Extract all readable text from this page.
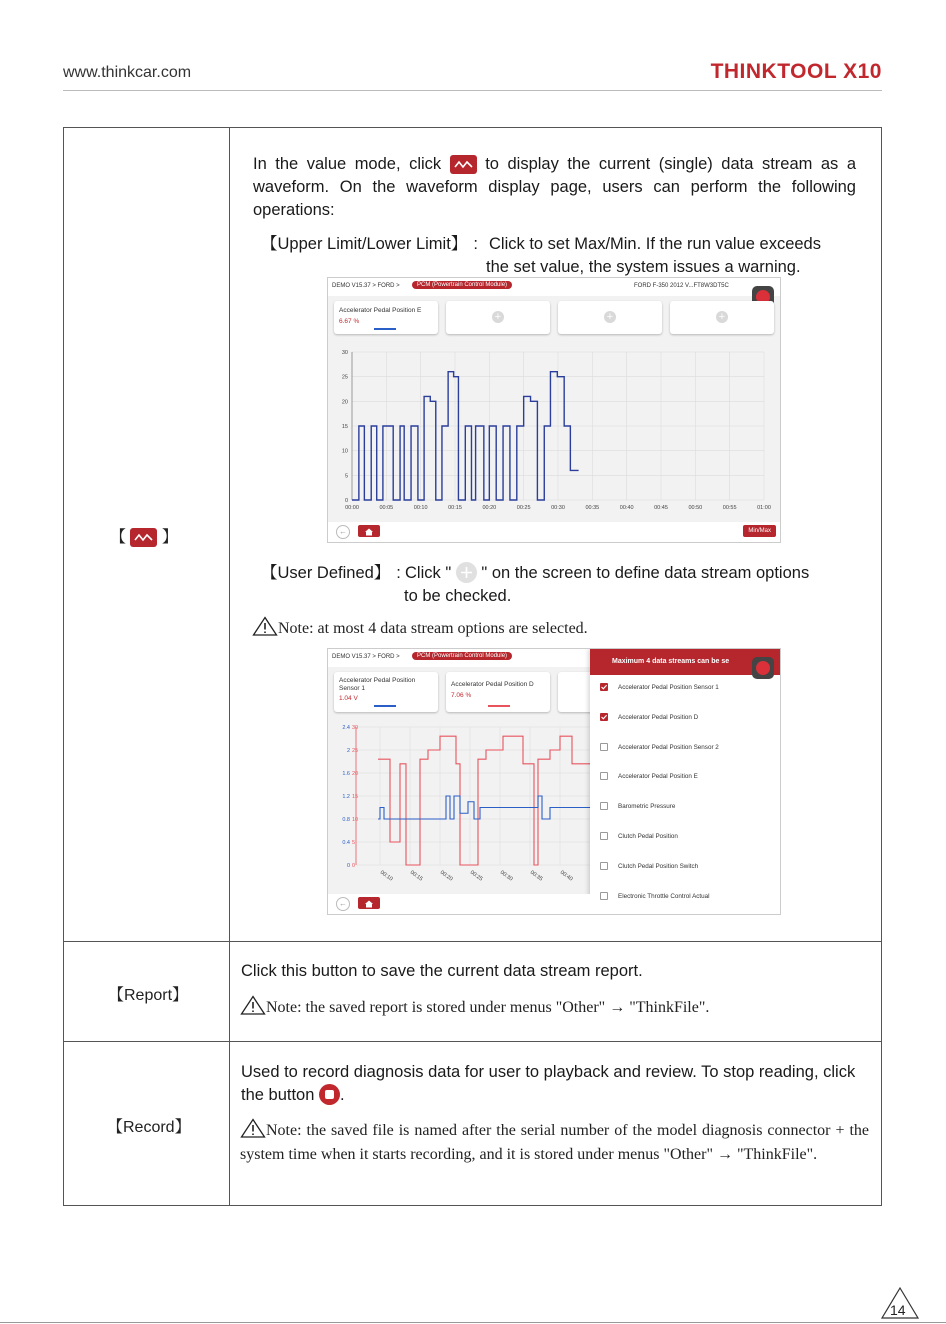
www.thinkcar.com	THINKTOOL X10
【 】
In the value mode, click	to display the current (single) data stream as a waveform. On the waveform display page, users can perform the following operations:
【Upper Limit/Lower Limit】 : Click to set Max/Min. If the run value exceeds
the set value, the system issues a warning.
DEMO V15.37 > FORD >	PCM (Powertrain Control Module)	FORD F-350 2012 V...FT8W3DT5C
Accelerator Pedal Position E
6.67 %	+	+	+
0
5
10
15
20
25
30
00:00	00:05	00:10	00:15	00:20	00:25	00:30	00:35	00:40	00:45	00:50	00:55	01:00
←	Min/Max
【User Defined】 : Click " " on the screen to define data stream options
to be checked.
Note: at most 4 data stream options are selected.
DEMO V15.37 > FORD >	PCM (Powertrain Control Module)
Accelerator Pedal Position Sensor 1
1.04 V
Accelerator Pedal Position D
7.06 %
0 0
0.4 5
0.8 10
1.2 15
1.6 20
2 25
2.4 30
00:10	00:15	00:20	00:25	00:30	00:35	00:40
Maximum 4 data streams can be se
Accelerator Pedal Position Sensor 1
Accelerator Pedal Position D
Accelerator Pedal Position Sensor 2
Accelerator Pedal Position E
Barometric Pressure
Clutch Pedal Position
Clutch Pedal Position Switch
Electronic Throttle Control Actual
←
【Report】
Click this button to save the current data stream report.
Note: the saved report is stored under menus "Other" → "ThinkFile".
【Record】
Used to record diagnosis data for user to playback and review. To stop reading, click the button .
Note: the saved file is named after the serial number of the model diagnosis connector + the system time when it starts recording, and it is stored under menus "Other" → "ThinkFile".
14
